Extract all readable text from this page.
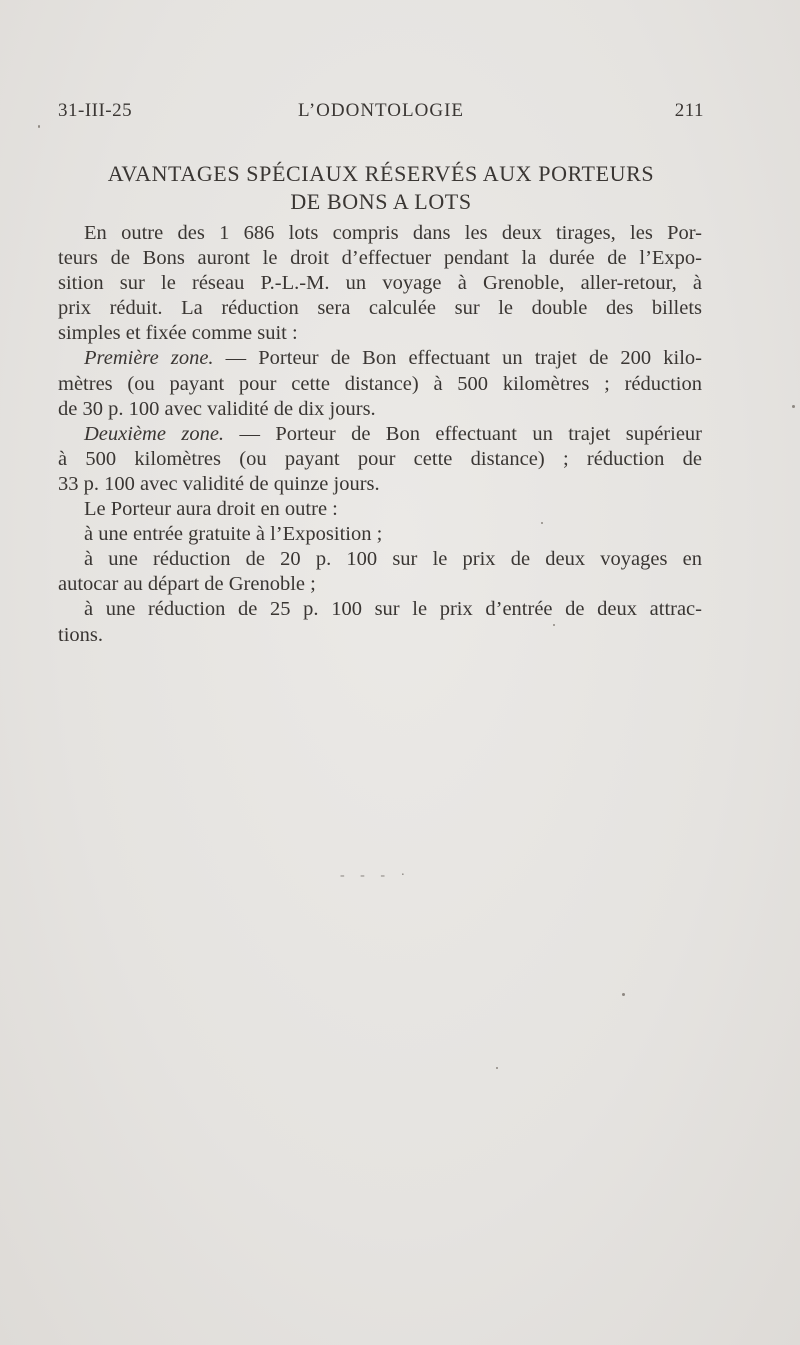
31-III-25	L’ODONTOLOGIE	211
AVANTAGES SPÉCIAUX RÉSERVÉS AUX PORTEURS
DE BONS A LOTS
En outre des 1 686 lots compris dans les deux tirages, les Por-
teurs de Bons auront le droit d’effectuer pendant la durée de l’Expo-
sition sur le réseau P.-L.-M. un voyage à Grenoble, aller-retour, à
prix réduit. La réduction sera calculée sur le double des billets
simples et fixée comme suit :
Première zone. — Porteur de Bon effectuant un trajet de 200 kilo-
mètres (ou payant pour cette distance) à 500 kilomètres ; réduction
de 30 p. 100 avec validité de dix jours.
Deuxième zone. — Porteur de Bon effectuant un trajet supérieur
à 500 kilomètres (ou payant pour cette distance) ; réduction de
33 p. 100 avec validité de quinze jours.
Le Porteur aura droit en outre :
à une entrée gratuite à l’Exposition ;
à une réduction de 20 p. 100 sur le prix de deux voyages en
autocar au départ de Grenoble ;
à une réduction de 25 p. 100 sur le prix d’entrée de deux attrac-
tions.
- - - ·
